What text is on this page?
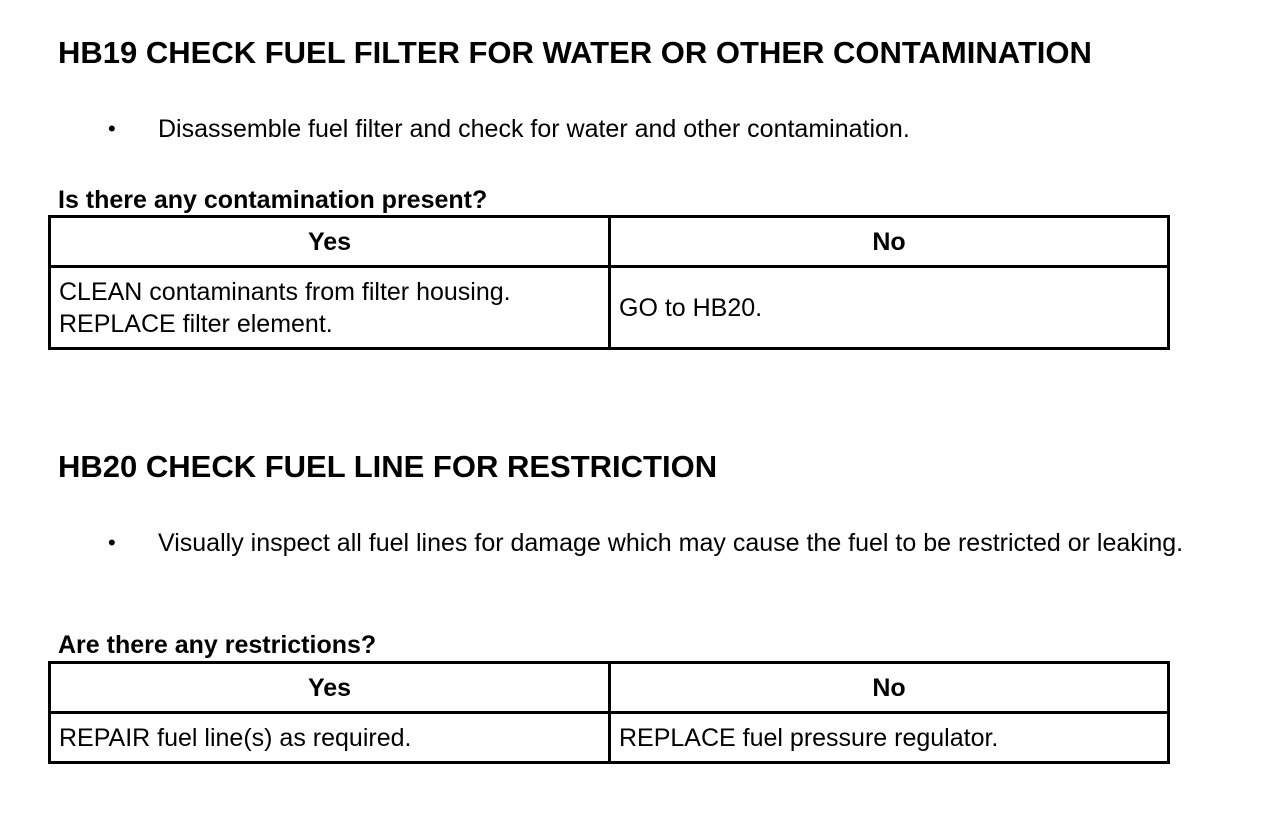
HB19 CHECK FUEL FILTER FOR WATER OR OTHER CONTAMINATION
• Disassemble fuel filter and check for water and other contamination.

Is there any contamination present?

Yes	No

CLEAN contaminants from filter housing.
REPLACE filter element.	GO to HB20.
HB20 CHECK FUEL LINE FOR RESTRICTION
• Visually inspect all fuel lines for damage which may cause the fuel to be restricted or leaking.

Are there any restrictions?

Yes	No
REPAIR fuel line(s) as required.	REPLACE fuel pressure regulator.
